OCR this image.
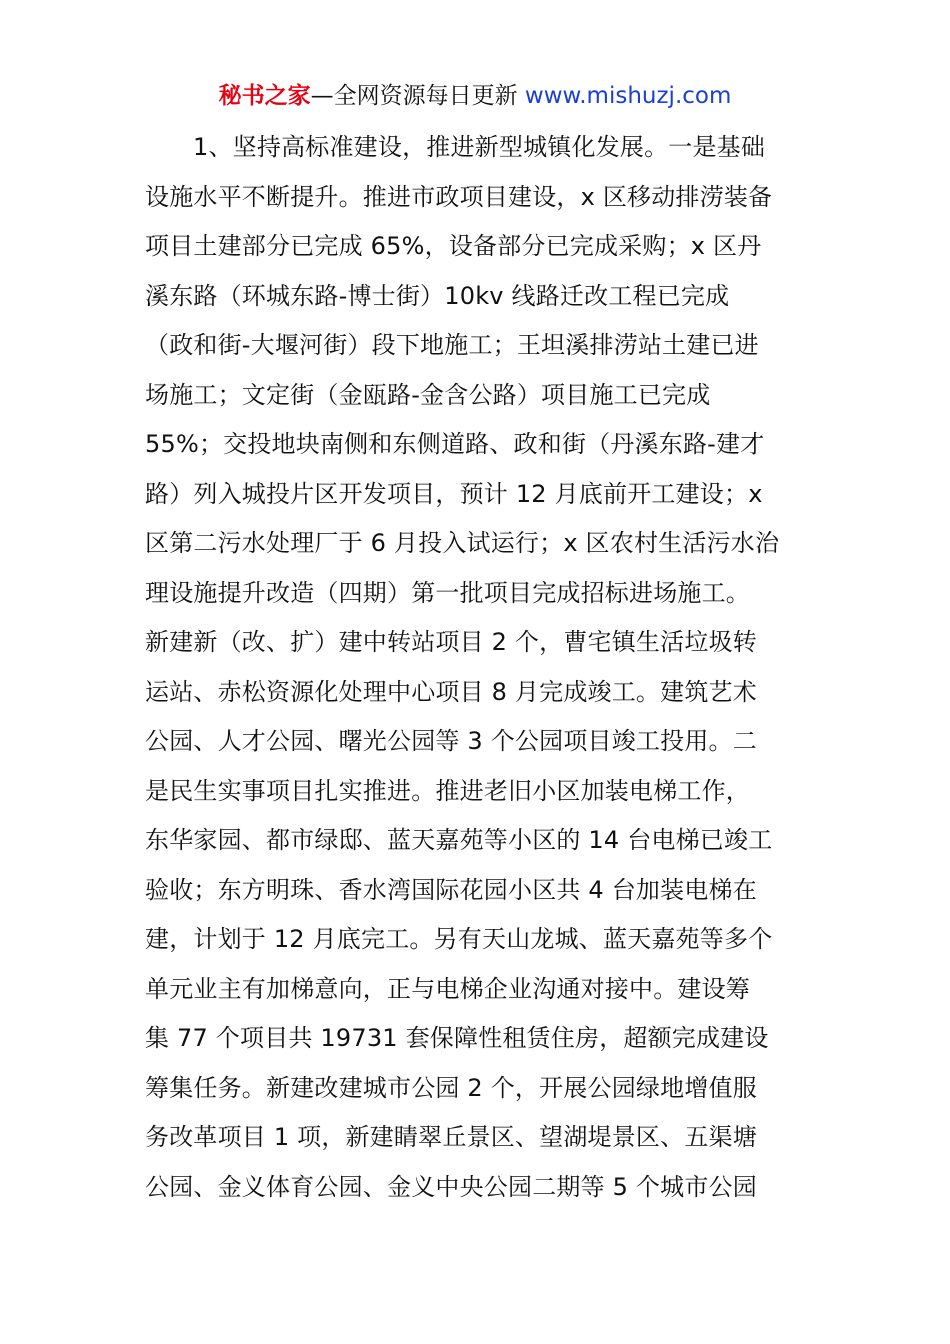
秘书之家—全网资源每日更新 www.mishuzj.com
1、坚持高标准建设，推进新型城镇化发展。一是基础
设施水平不断提升。推进市政项目建设，x 区移动排涝装备
项目土建部分已完成 65%，设备部分已完成采购；x 区丹
溪东路（环城东路-博士街）10kv 线路迁改工程已完成
（政和街-大堰河街）段下地施工；王坦溪排涝站土建已进
场施工；文定街（金瓯路-金含公路）项目施工已完成
55%；交投地块南侧和东侧道路、政和街（丹溪东路-建才
路）列入城投片区开发项目，预计 12 月底前开工建设；x
区第二污水处理厂于 6 月投入试运行；x 区农村生活污水治
理设施提升改造（四期）第一批项目完成招标进场施工。
新建新（改、扩）建中转站项目 2 个，曹宅镇生活垃圾转
运站、赤松资源化处理中心项目 8 月完成竣工。建筑艺术
公园、人才公园、曙光公园等 3 个公园项目竣工投用。二
是民生实事项目扎实推进。推进老旧小区加装电梯工作，
东华家园、都市绿邸、蓝天嘉苑等小区的 14 台电梯已竣工
验收；东方明珠、香水湾国际花园小区共 4 台加装电梯在
建，计划于 12 月底完工。另有天山龙城、蓝天嘉苑等多个
单元业主有加梯意向，正与电梯企业沟通对接中。建设筹
集 77 个项目共 19731 套保障性租赁住房，超额完成建设
筹集任务。新建改建城市公园 2 个，开展公园绿地增值服
务改革项目 1 项，新建睛翠丘景区、望湖堤景区、五渠塘
公园、金义体育公园、金义中央公园二期等 5 个城市公园
